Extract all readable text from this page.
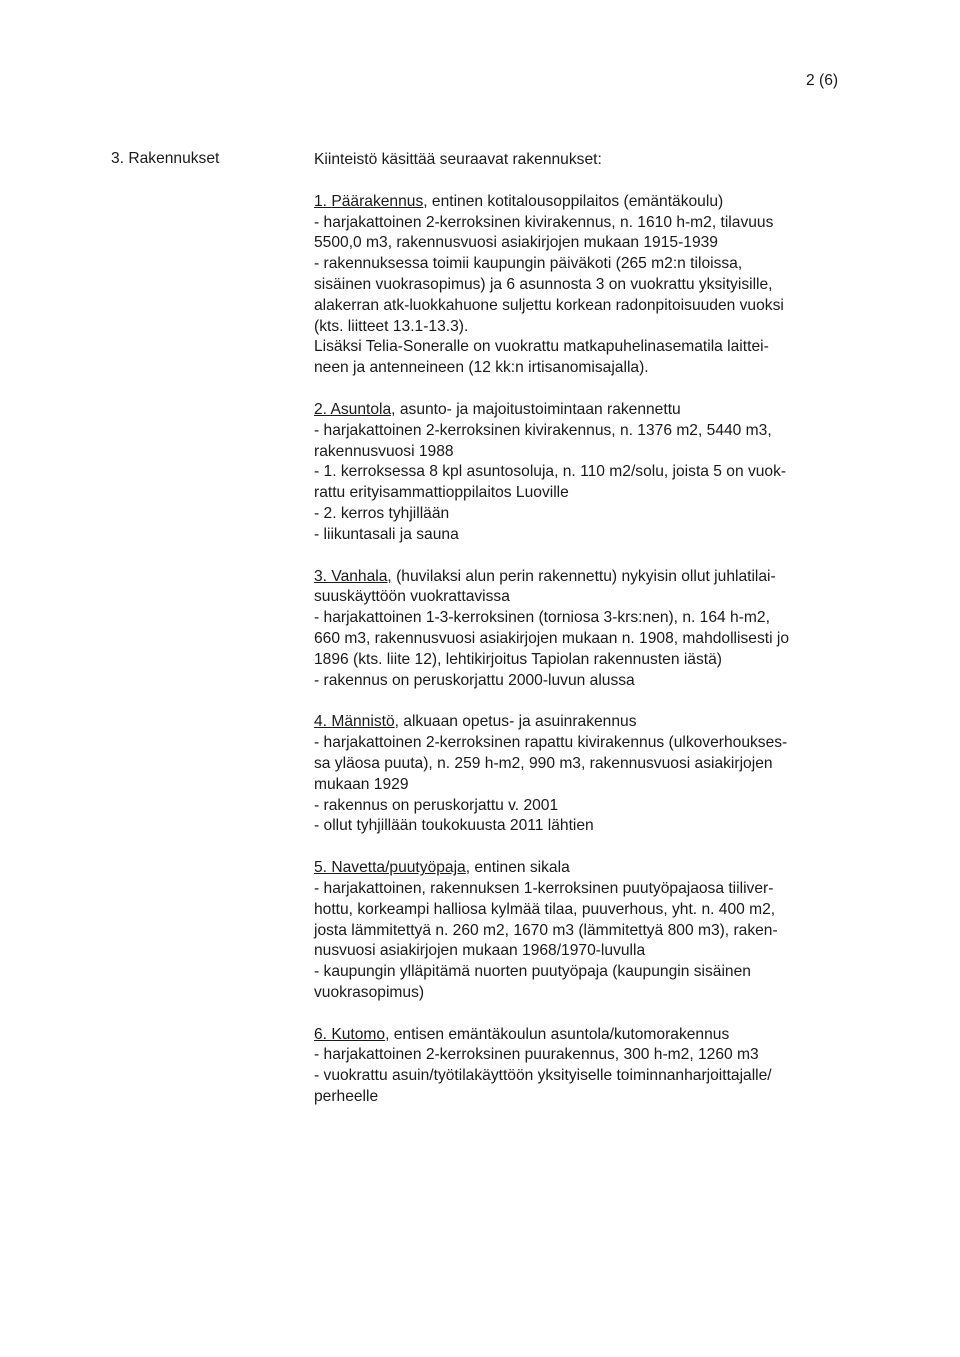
2 (6)
3. Rakennukset	Kiinteistö käsittää seuraavat rakennukset:

1. Päärakennus, entinen kotitalousoppilaitos (emäntäkoulu)

- harjakattoinen 2-kerroksinen kivirakennus, n. 1610 h-m2, tilavuus

5500,0 m3, rakennusvuosi asiakirjojen mukaan 1915-1939

- rakennuksessa toimii kaupungin päiväkoti (265 m2:n tiloissa,

sisäinen vuokrasopimus) ja 6 asunnosta 3 on vuokrattu yksityisille,

alakerran atk-luokkahuone suljettu korkean radonpitoisuuden vuoksi

(kts. liitteet 13.1-13.3).

Lisäksi Telia-Soneralle on vuokrattu matkapuhelinasematila laittei-

neen ja antenneineen (12 kk:n irtisanomisajalla).

2. Asuntola, asunto- ja majoitustoimintaan rakennettu

- harjakattoinen 2-kerroksinen kivirakennus, n. 1376 m2, 5440 m3,

rakennusvuosi 1988

- 1. kerroksessa 8 kpl asuntosoluja, n. 110 m2/solu, joista 5 on vuok-

rattu erityisammattioppilaitos Luoville

- 2. kerros tyhjillään

- liikuntasali ja sauna

3. Vanhala, (huvilaksi alun perin rakennettu) nykyisin ollut juhlatilai-

suuskäyttöön vuokrattavissa

- harjakattoinen 1-3-kerroksinen (torniosa 3-krs:nen), n. 164 h-m2,

660 m3, rakennusvuosi asiakirjojen mukaan n. 1908, mahdollisesti jo

1896 (kts. liite 12), lehtikirjoitus Tapiolan rakennusten iästä)

- rakennus on peruskorjattu 2000-luvun alussa

4. Männistö, alkuaan opetus- ja asuinrakennus

- harjakattoinen 2-kerroksinen rapattu kivirakennus (ulkoverhoukses-

sa yläosa puuta), n. 259 h-m2, 990 m3, rakennusvuosi asiakirjojen

mukaan 1929

- rakennus on peruskorjattu v. 2001

- ollut tyhjillään toukokuusta 2011 lähtien

5. Navetta/puutyöpaja, entinen sikala

- harjakattoinen, rakennuksen 1-kerroksinen puutyöpajaosa tiiliver-

hottu, korkeampi halliosa kylmää tilaa, puuverhous, yht. n. 400 m2,

josta lämmitettyä n. 260 m2, 1670 m3 (lämmitettyä 800 m3), raken-

nusvuosi asiakirjojen mukaan 1968/1970-luvulla

- kaupungin ylläpitämä nuorten puutyöpaja (kaupungin sisäinen

vuokrasopimus)

6. Kutomo, entisen emäntäkoulun asuntola/kutomorakennus

- harjakattoinen 2-kerroksinen puurakennus, 300 h-m2, 1260 m3

- vuokrattu asuin/työtilakäyttöön yksityiselle toiminnanharjoittajalle/

perheelle
